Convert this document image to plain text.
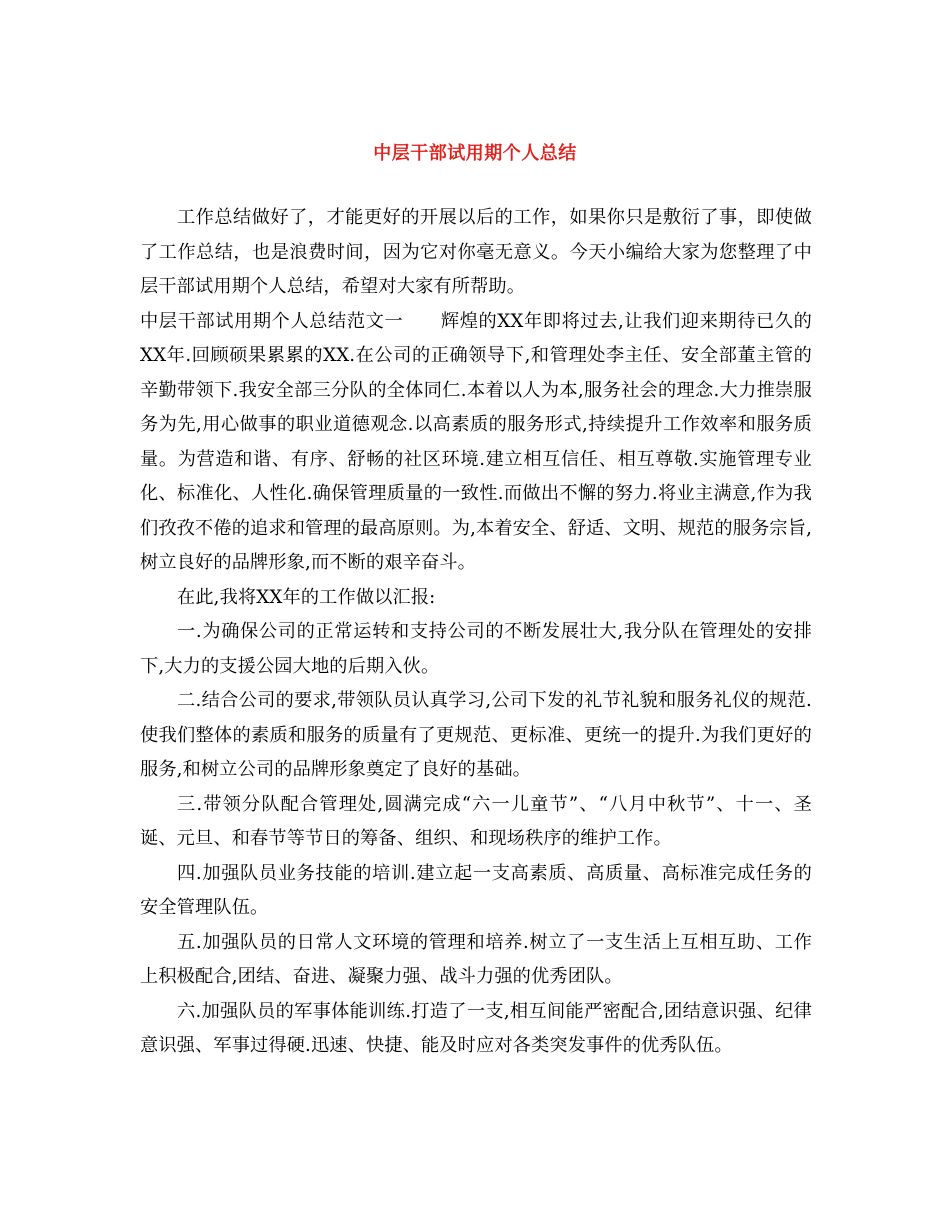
中层干部试用期个人总结

工作总结做好了，才能更好的开展以后的工作，如果你只是敷衍了事，即使做了工作总结，也是浪费时间，因为它对你毫无意义。今天小编给大家为您整理了中层干部试用期个人总结，希望对大家有所帮助。

中层干部试用期个人总结范文一　　辉煌的XX年即将过去,让我们迎来期待已久的XX年.回顾硕果累累的XX.在公司的正确领导下,和管理处李主任、安全部董主管的辛勤带领下.我安全部三分队的全体同仁.本着以人为本,服务社会的理念.大力推崇服务为先,用心做事的职业道德观念.以高素质的服务形式,持续提升工作效率和服务质量。为营造和谐、有序、舒畅的社区环境.建立相互信任、相互尊敬.实施管理专业化、标准化、人性化.确保管理质量的一致性.而做出不懈的努力.将业主满意,作为我们孜孜不倦的追求和管理的最高原则。为,本着安全、舒适、文明、规范的服务宗旨,树立良好的品牌形象,而不断的艰辛奋斗。

在此,我将XX年的工作做以汇报:

一.为确保公司的正常运转和支持公司的不断发展壮大,我分队在管理处的安排下,大力的支援公园大地的后期入伙。

二.结合公司的要求,带领队员认真学习,公司下发的礼节礼貌和服务礼仪的规范.使我们整体的素质和服务的质量有了更规范、更标准、更统一的提升.为我们更好的服务,和树立公司的品牌形象奠定了良好的基础。

三.带领分队配合管理处,圆满完成“六一儿童节”、“八月中秋节”、十一、圣诞、元旦、和春节等节日的筹备、组织、和现场秩序的维护工作。

四.加强队员业务技能的培训.建立起一支高素质、高质量、高标准完成任务的安全管理队伍。

五.加强队员的日常人文环境的管理和培养.树立了一支生活上互相互助、工作上积极配合,团结、奋进、凝聚力强、战斗力强的优秀团队。

六.加强队员的军事体能训练.打造了一支,相互间能严密配合,团结意识强、纪律意识强、军事过得硬.迅速、快捷、能及时应对各类突发事件的优秀队伍。
